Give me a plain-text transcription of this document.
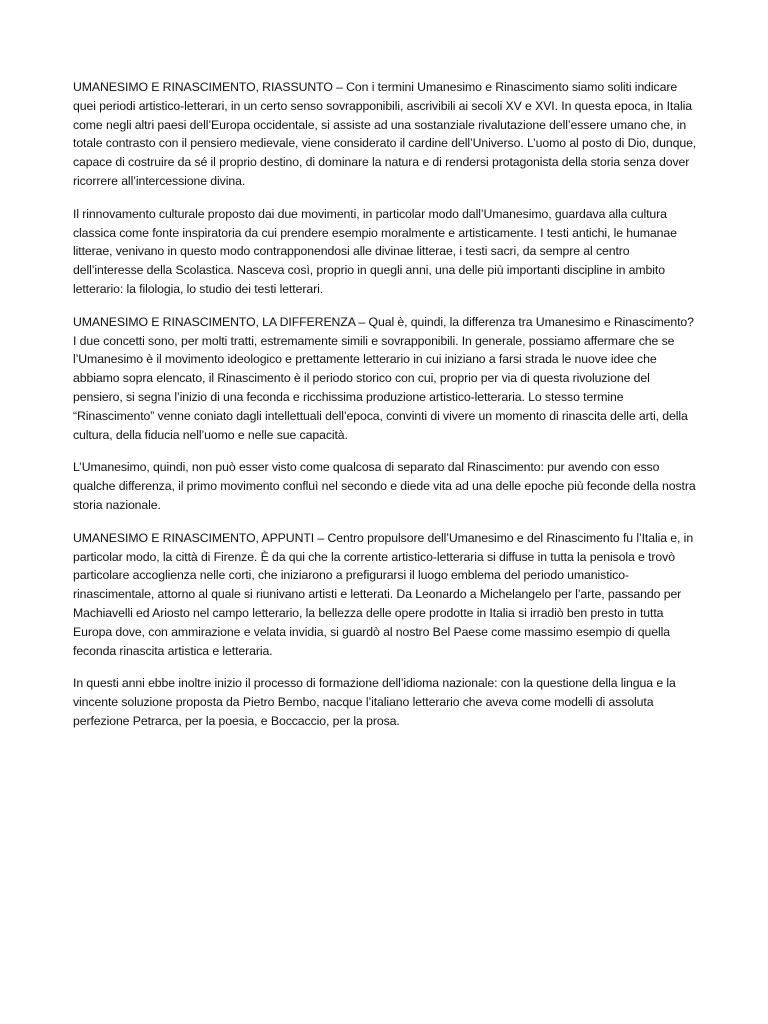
UMANESIMO E RINASCIMENTO, RIASSUNTO – Con i termini Umanesimo e Rinascimento siamo soliti indicare quei periodi artistico-letterari, in un certo senso sovrapponibili, ascrivibili ai secoli XV e XVI. In questa epoca, in Italia come negli altri paesi dell’Europa occidentale, si assiste ad una sostanziale rivalutazione dell’essere umano che, in totale contrasto con il pensiero medievale, viene considerato il cardine dell’Universo. L’uomo al posto di Dio, dunque, capace di costruire da sé il proprio destino, di dominare la natura e di rendersi protagonista della storia senza dover ricorrere all’intercessione divina.

Il rinnovamento culturale proposto dai due movimenti, in particolar modo dall’Umanesimo, guardava alla cultura classica come fonte inspiratoria da cui prendere esempio moralmente e artisticamente. I testi antichi, le humanae litterae, venivano in questo modo contrapponendosi alle divinae litterae, i testi sacri, da sempre al centro dell’interesse della Scolastica. Nasceva così, proprio in quegli anni, una delle più importanti discipline in ambito letterario: la filologia, lo studio dei testi letterari.

UMANESIMO E RINASCIMENTO, LA DIFFERENZA – Qual è, quindi, la differenza tra Umanesimo e Rinascimento? I due concetti sono, per molti tratti, estremamente simili e sovrapponibili. In generale, possiamo affermare che se l’Umanesimo è il movimento ideologico e prettamente letterario in cui iniziano a farsi strada le nuove idee che abbiamo sopra elencato, il Rinascimento è il periodo storico con cui, proprio per via di questa rivoluzione del pensiero, si segna l’inizio di una feconda e ricchissima produzione artistico-letteraria. Lo stesso termine “Rinascimento” venne coniato dagli intellettuali dell’epoca, convinti di vivere un momento di rinascita delle arti, della cultura, della fiducia nell’uomo e nelle sue capacità.

L’Umanesimo, quindi, non può esser visto come qualcosa di separato dal Rinascimento: pur avendo con esso qualche differenza, il primo movimento confluì nel secondo e diede vita ad una delle epoche più feconde della nostra storia nazionale.

UMANESIMO E RINASCIMENTO, APPUNTI – Centro propulsore dell’Umanesimo e del Rinascimento fu l’Italia e, in particolar modo, la città di Firenze. È da qui che la corrente artistico-letteraria si diffuse in tutta la penisola e trovò particolare accoglienza nelle corti, che iniziarono a prefigurarsi il luogo emblema del periodo umanistico-rinascimentale, attorno al quale si riunivano artisti e letterati. Da Leonardo a Michelangelo per l’arte, passando per Machiavelli ed Ariosto nel campo letterario, la bellezza delle opere prodotte in Italia si irradiò ben presto in tutta Europa dove, con ammirazione e velata invidia, si guardò al nostro Bel Paese come massimo esempio di quella feconda rinascita artistica e letteraria.

In questi anni ebbe inoltre inizio il processo di formazione dell’idioma nazionale: con la questione della lingua e la vincente soluzione proposta da Pietro Bembo, nacque l’italiano letterario che aveva come modelli di assoluta perfezione Petrarca, per la poesia, e Boccaccio, per la prosa.
